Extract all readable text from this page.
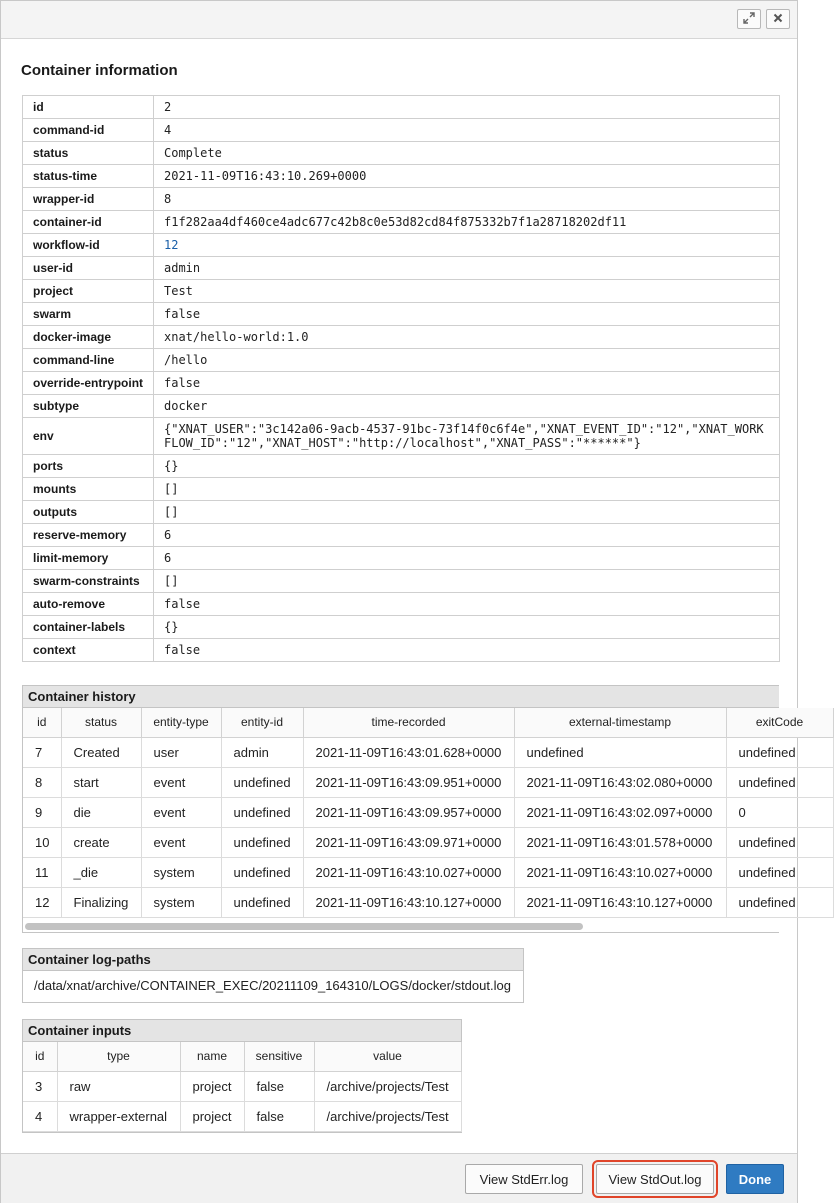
Container information
id	2
command-id	4
status	Complete
status-time	2021-11-09T16:43:10.269+0000
wrapper-id	8
container-id	f1f282aa4df460ce4adc677c42b8c0e53d82cd84f875332b7f1a28718202df11
workflow-id	12
user-id	admin
project	Test
swarm	false
docker-image	xnat/hello-world:1.0
command-line	/hello
override-entrypoint	false
subtype	docker
env	{"XNAT_USER":"3c142a06-9acb-4537-91bc-73f14f0c6f4e","XNAT_EVENT_ID":"12","XNAT_WORKFLOW_ID":"12","XNAT_HOST":"http://localhost","XNAT_PASS":"******"}
ports	{}
mounts	[]
outputs	[]
reserve-memory	6
limit-memory	6
swarm-constraints	[]
auto-remove	false
container-labels	{}
context	false
Container history
id	status	entity-type	entity-id	time-recorded	external-timestamp	exitCode
7	Created	user	admin	2021-11-09T16:43:01.628+0000	undefined	undefined
8	start	event	undefined	2021-11-09T16:43:09.951+0000	2021-11-09T16:43:02.080+0000	undefined
9	die	event	undefined	2021-11-09T16:43:09.957+0000	2021-11-09T16:43:02.097+0000	0
10	create	event	undefined	2021-11-09T16:43:09.971+0000	2021-11-09T16:43:01.578+0000	undefined
11	_die	system	undefined	2021-11-09T16:43:10.027+0000	2021-11-09T16:43:10.027+0000	undefined
12	Finalizing	system	undefined	2021-11-09T16:43:10.127+0000	2021-11-09T16:43:10.127+0000	undefined
Container log-paths
/data/xnat/archive/CONTAINER_EXEC/20211109_164310/LOGS/docker/stdout.log
Container inputs
id	type	name	sensitive	value
3	raw	project	false	/archive/projects/Test
4	wrapper-external	project	false	/archive/projects/Test
View StdErr.log	View StdOut.log	Done
